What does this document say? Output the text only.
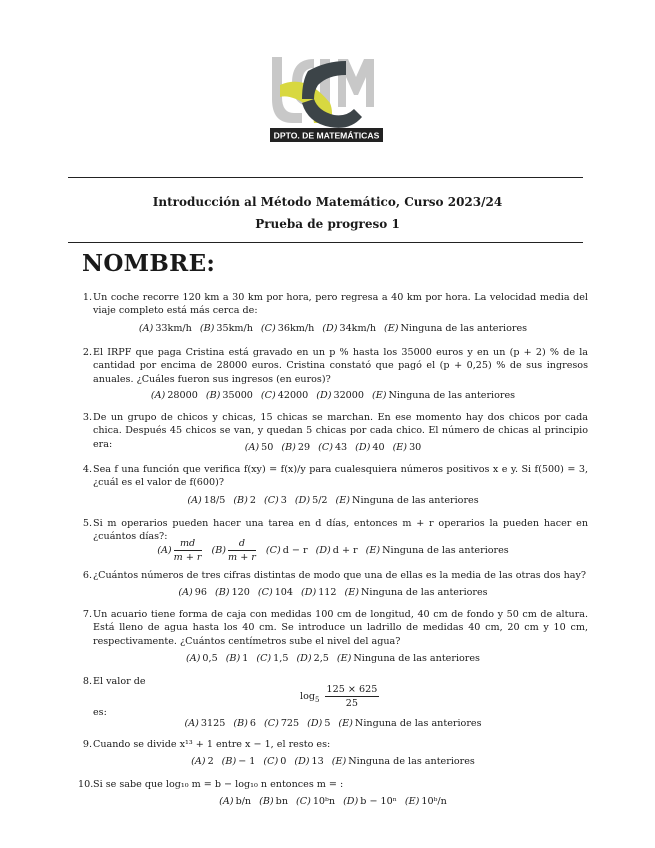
DPTO. DE MATEMÁTICAS
Introducción al Método Matemático, Curso 2023/24
Prueba de progreso 1
NOMBRE:
1. Un coche recorre 120 km a 30 km por hora, pero regresa a 40 km por hora. La velocidad media del viaje completo está más cerca de:
2. El IRPF que paga Cristina está gravado en un p % hasta los 35000 euros y en un (p + 2) % de la cantidad por encima de 28000 euros. Cristina constató que pagó el (p + 0,25) % de sus ingresos anuales. ¿Cuáles fueron sus ingresos (en euros)?
3. De un grupo de chicos y chicas, 15 chicas se marchan. En ese momento hay dos chicos por cada chica. Después 45 chicos se van, y quedan 5 chicas por cada chico. El número de chicas al principio era:
4. Sea f una función que verifica f(xy) = f(x)/y para cualesquiera números positivos x e y. Si f(500) = 3, ¿cuál es el valor de f(600)?
5. Si m operarios pueden hacer una tarea en d días, entonces m + r operarios la pueden hacer en ¿cuántos días?:
6. ¿Cuántos números de tres cifras distintas de modo que una de ellas es la media de las otras dos hay?
7. Un acuario tiene forma de caja con medidas 100 cm de longitud, 40 cm de fondo y 50 cm de altura. Está lleno de agua hasta los 40 cm. Se introduce un ladrillo de medidas 40 cm, 20 cm y 10 cm, respectivamente. ¿Cuántos centímetros sube el nivel del agua?
8. El valor de
es:
9. Cuando se divide x¹³ + 1 entre x − 1, el resto es:
10. Si se sabe que log₁₀ m = b − log₁₀ n entonces m = :
$\log_5 \frac{125 \times 625}{25}$
(A) 33km/h (B) 35km/h (C) 36km/h (D) 34km/h (E) Ninguna de las anteriores
(A) 28000 (B) 35000 (C) 42000 (D) 32000 (E) Ninguna de las anteriores
(A) 50 (B) 29 (C) 43 (D) 40 (E) 30
(A) 18/5 (B) 2 (C) 3 (D) 5/2 (E) Ninguna de las anteriores
$(A) \frac{md}{m + r} (B) \frac{d}{m + r} (C) d - r$ (D) d + r (E) Ninguna de las anteriores
(A) 96 (B) 120 (C) 104 (D) 112 (E) Ninguna de las anteriores
(A) 0,5 (B) 1 (C) 1,5 (D) 2,5 (E) Ninguna de las anteriores
(A) 3125 (B) 6 (C) 725 (D) 5 (E) Ninguna de las anteriores
(A) 2 (B) − 1 (C) 0 (D) 13 (E) Ninguna de las anteriores
(A) b/n (B) bn (C) 10ᵇn (D) b − 10ⁿ (E) 10ᵇ/n
